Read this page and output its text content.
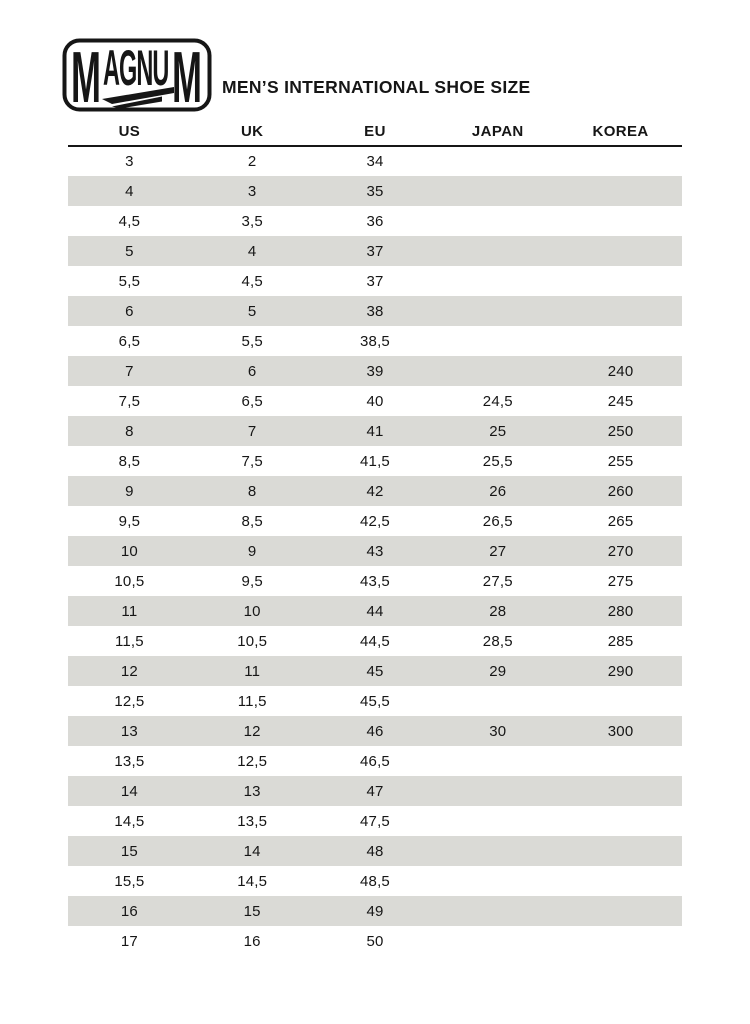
M AGNU M MEN’S INTERNATIONAL SHOE SIZE
US	UK	EU	JAPAN	KOREA
3	2	34		
4	3	35		
4,5	3,5	36		
5	4	37		
5,5	4,5	37		
6	5	38		
6,5	5,5	38,5		
7	6	39		240
7,5	6,5	40	24,5	245
8	7	41	25	250
8,5	7,5	41,5	25,5	255
9	8	42	26	260
9,5	8,5	42,5	26,5	265
10	9	43	27	270
10,5	9,5	43,5	27,5	275
11	10	44	28	280
11,5	10,5	44,5	28,5	285
12	11	45	29	290
12,5	11,5	45,5		
13	12	46	30	300
13,5	12,5	46,5		
14	13	47		
14,5	13,5	47,5		
15	14	48		
15,5	14,5	48,5		
16	15	49		
17	16	50		
